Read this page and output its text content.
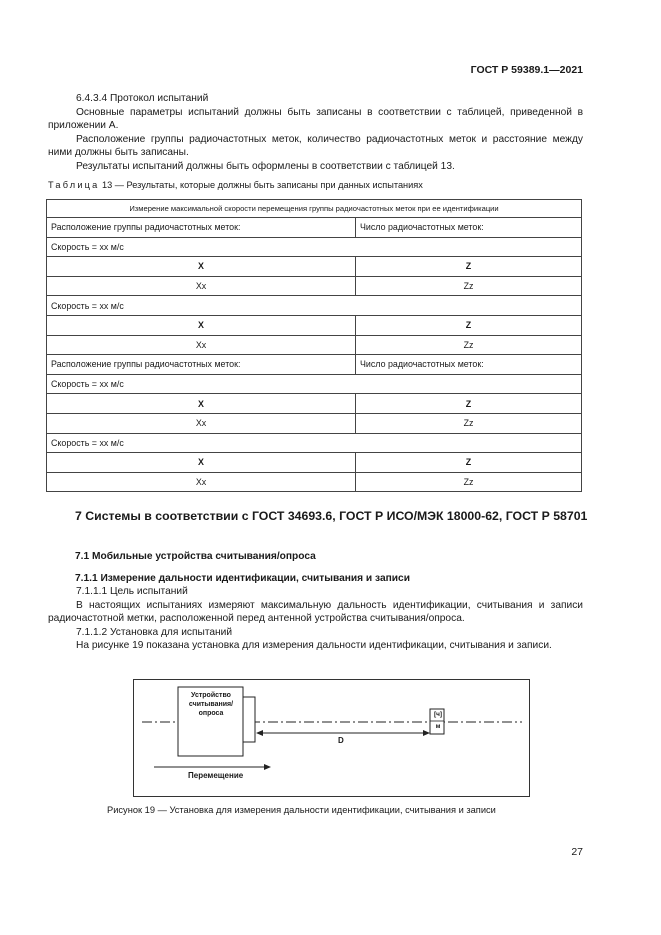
ГОСТ Р 59389.1—2021

6.4.3.4 Протокол испытаний

Основные параметры испытаний должны быть записаны в соответствии с таблицей, приведенной в приложении А.

Расположение группы радиочастотных меток, количество радиочастотных меток и расстояние между ними должны быть записаны.

Результаты испытаний должны быть оформлены в соответствии с таблицей 13.

Таблица 13 — Результаты, которые должны быть записаны при данных испытаниях
Измерение максимальной скорости перемещения группы радиочастотных меток при ее идентификации	
Расположение группы радиочастотных меток:	Число радиочастотных меток:
Скорость = хх м/с	
X	Z
Xx	Zz
Скорость = хх м/с	
X	Z
Xx	Zz
Расположение группы радиочастотных меток:	Число радиочастотных меток:
Скорость = хх м/с	
X	Z
Xx	Zz
Скорость = хх м/с	
X	Z
Xx	Zz
7 Системы в соответствии с ГОСТ 34693.6, ГОСТ Р ИСО/МЭК 18000-62, ГОСТ Р 58701
7.1 Мобильные устройства считывания/опроса
7.1.1 Измерение дальности идентификации, считывания и записи

7.1.1.1 Цель испытаний

В настоящих испытаниях измеряют максимальную дальность идентификации, считывания и записи радиочастотной метки, расположенной перед антенной устройства считывания/опроса.

7.1.1.2 Установка для испытаний

На рисунке 19 показана установка для измерения дальности идентификации, считывания и записи.

Устройство считывания/ опроса	[ч]
м
D
Перемещение
Рисунок 19 — Установка для измерения дальности идентификации, считывания и записи
27
